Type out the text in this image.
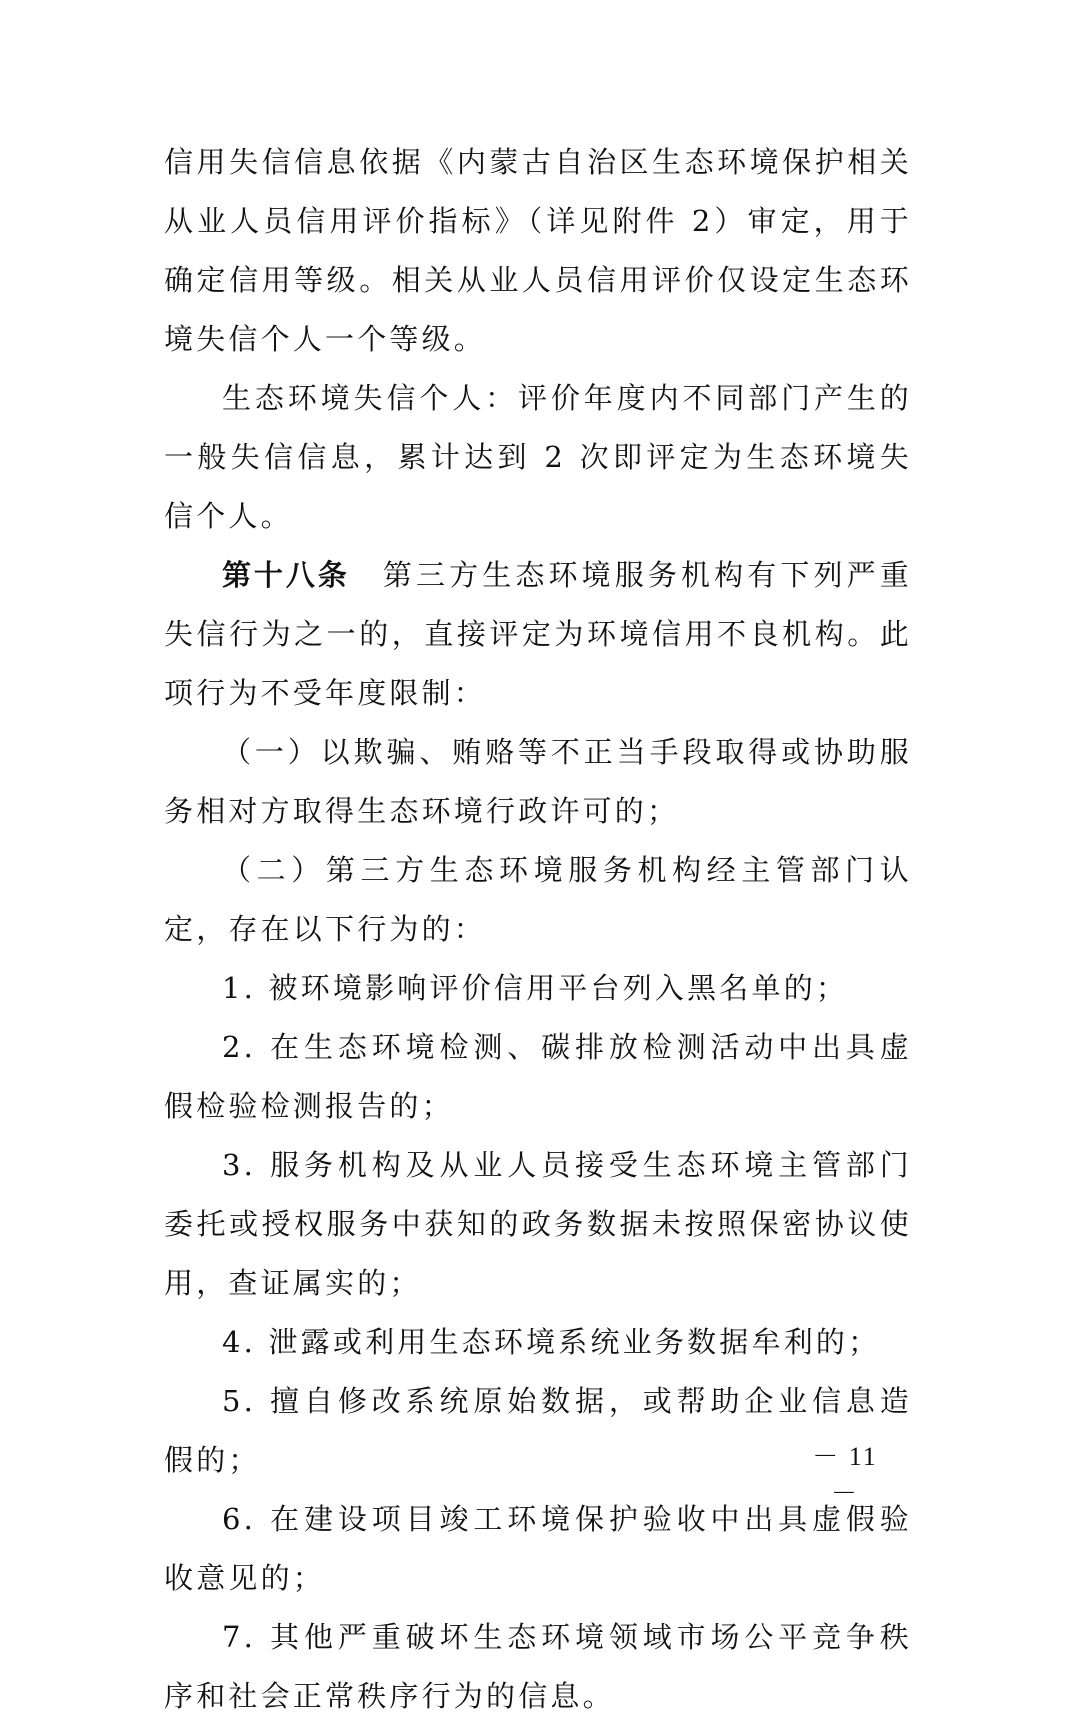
信用失信信息依据《内蒙古自治区生态环境保护相关从业人员信用评价指标》（详见附件 2）审定，用于确定信用等级。相关从业人员信用评价仅设定生态环境失信个人一个等级。

生态环境失信个人：评价年度内不同部门产生的一般失信信息，累计达到 2 次即评定为生态环境失信个人。

第十八条　第三方生态环境服务机构有下列严重失信行为之一的，直接评定为环境信用不良机构。此项行为不受年度限制：

（一）以欺骗、贿赂等不正当手段取得或协助服务相对方取得生态环境行政许可的；

（二）第三方生态环境服务机构经主管部门认定，存在以下行为的：

1. 被环境影响评价信用平台列入黑名单的；

2. 在生态环境检测、碳排放检测活动中出具虚假检验检测报告的；

3. 服务机构及从业人员接受生态环境主管部门委托或授权服务中获知的政务数据未按照保密协议使用，查证属实的；

4. 泄露或利用生态环境系统业务数据牟利的；

5. 擅自修改系统原始数据，或帮助企业信息造假的；

6. 在建设项目竣工环境保护验收中出具虚假验收意见的；

7. 其他严重破坏生态环境领域市场公平竞争秩序和社会正常秩序行为的信息。

－ 11 －
